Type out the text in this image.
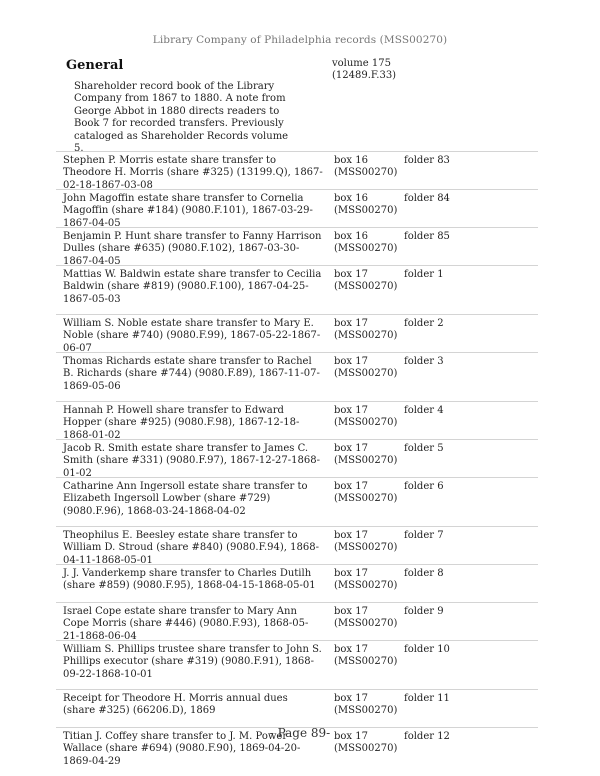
Library Company of Philadelphia records (MSS00270)
General
Shareholder record book of the Library Company from 1867 to 1880. A note from George Abbot in 1880 directs readers to Book 7 for recorded transfers. Previously cataloged as Shareholder Records volume 5.
volume 175
(12489.F.33)
Stephen P. Morris estate share transfer to Theodore H. Morris (share #325) (13199.Q), 1867-02-18-1867-03-08
box 16
(MSS00270)
folder 83
John Magoffin estate share transfer to Cornelia Magoffin (share #184) (9080.F.101), 1867-03-29-1867-04-05
box 16
(MSS00270)
folder 84
Benjamin P. Hunt share transfer to Fanny Harrison Dulles (share #635) (9080.F.102), 1867-03-30-1867-04-05
box 16
(MSS00270)
folder 85
Mattias W. Baldwin estate share transfer to Cecilia Baldwin (share #819) (9080.F.100), 1867-04-25-1867-05-03
box 17
(MSS00270)
folder 1
William S. Noble estate share transfer to Mary E. Noble (share #740) (9080.F.99), 1867-05-22-1867-06-07
box 17
(MSS00270)
folder 2
Thomas Richards estate share transfer to Rachel B. Richards (share #744) (9080.F.89), 1867-11-07-1869-05-06
box 17
(MSS00270)
folder 3
Hannah P. Howell share transfer to Edward Hopper (share #925) (9080.F.98), 1867-12-18-1868-01-02
box 17
(MSS00270)
folder 4
Jacob R. Smith estate share transfer to James C. Smith (share #331) (9080.F.97), 1867-12-27-1868-01-02
box 17
(MSS00270)
folder 5
Catharine Ann Ingersoll estate share transfer to Elizabeth Ingersoll Lowber (share #729) (9080.F.96), 1868-03-24-1868-04-02
box 17
(MSS00270)
folder 6
Theophilus E. Beesley estate share transfer to William D. Stroud (share #840) (9080.F.94), 1868-04-11-1868-05-01
box 17
(MSS00270)
folder 7
J. J. Vanderkemp share transfer to Charles Dutilh (share #859) (9080.F.95), 1868-04-15-1868-05-01
box 17
(MSS00270)
folder 8
Israel Cope estate share transfer to Mary Ann Cope Morris (share #446) (9080.F.93), 1868-05-21-1868-06-04
box 17
(MSS00270)
folder 9
William S. Phillips trustee share transfer to John S. Phillips executor (share #319) (9080.F.91), 1868-09-22-1868-10-01
box 17
(MSS00270)
folder 10
Receipt for Theodore H. Morris annual dues (share #325) (66206.D), 1869
box 17
(MSS00270)
folder 11
Titian J. Coffey share transfer to J. M. Power Wallace (share #694) (9080.F.90), 1869-04-20-1869-04-29
box 17
(MSS00270)
folder 12
- Page 89-
